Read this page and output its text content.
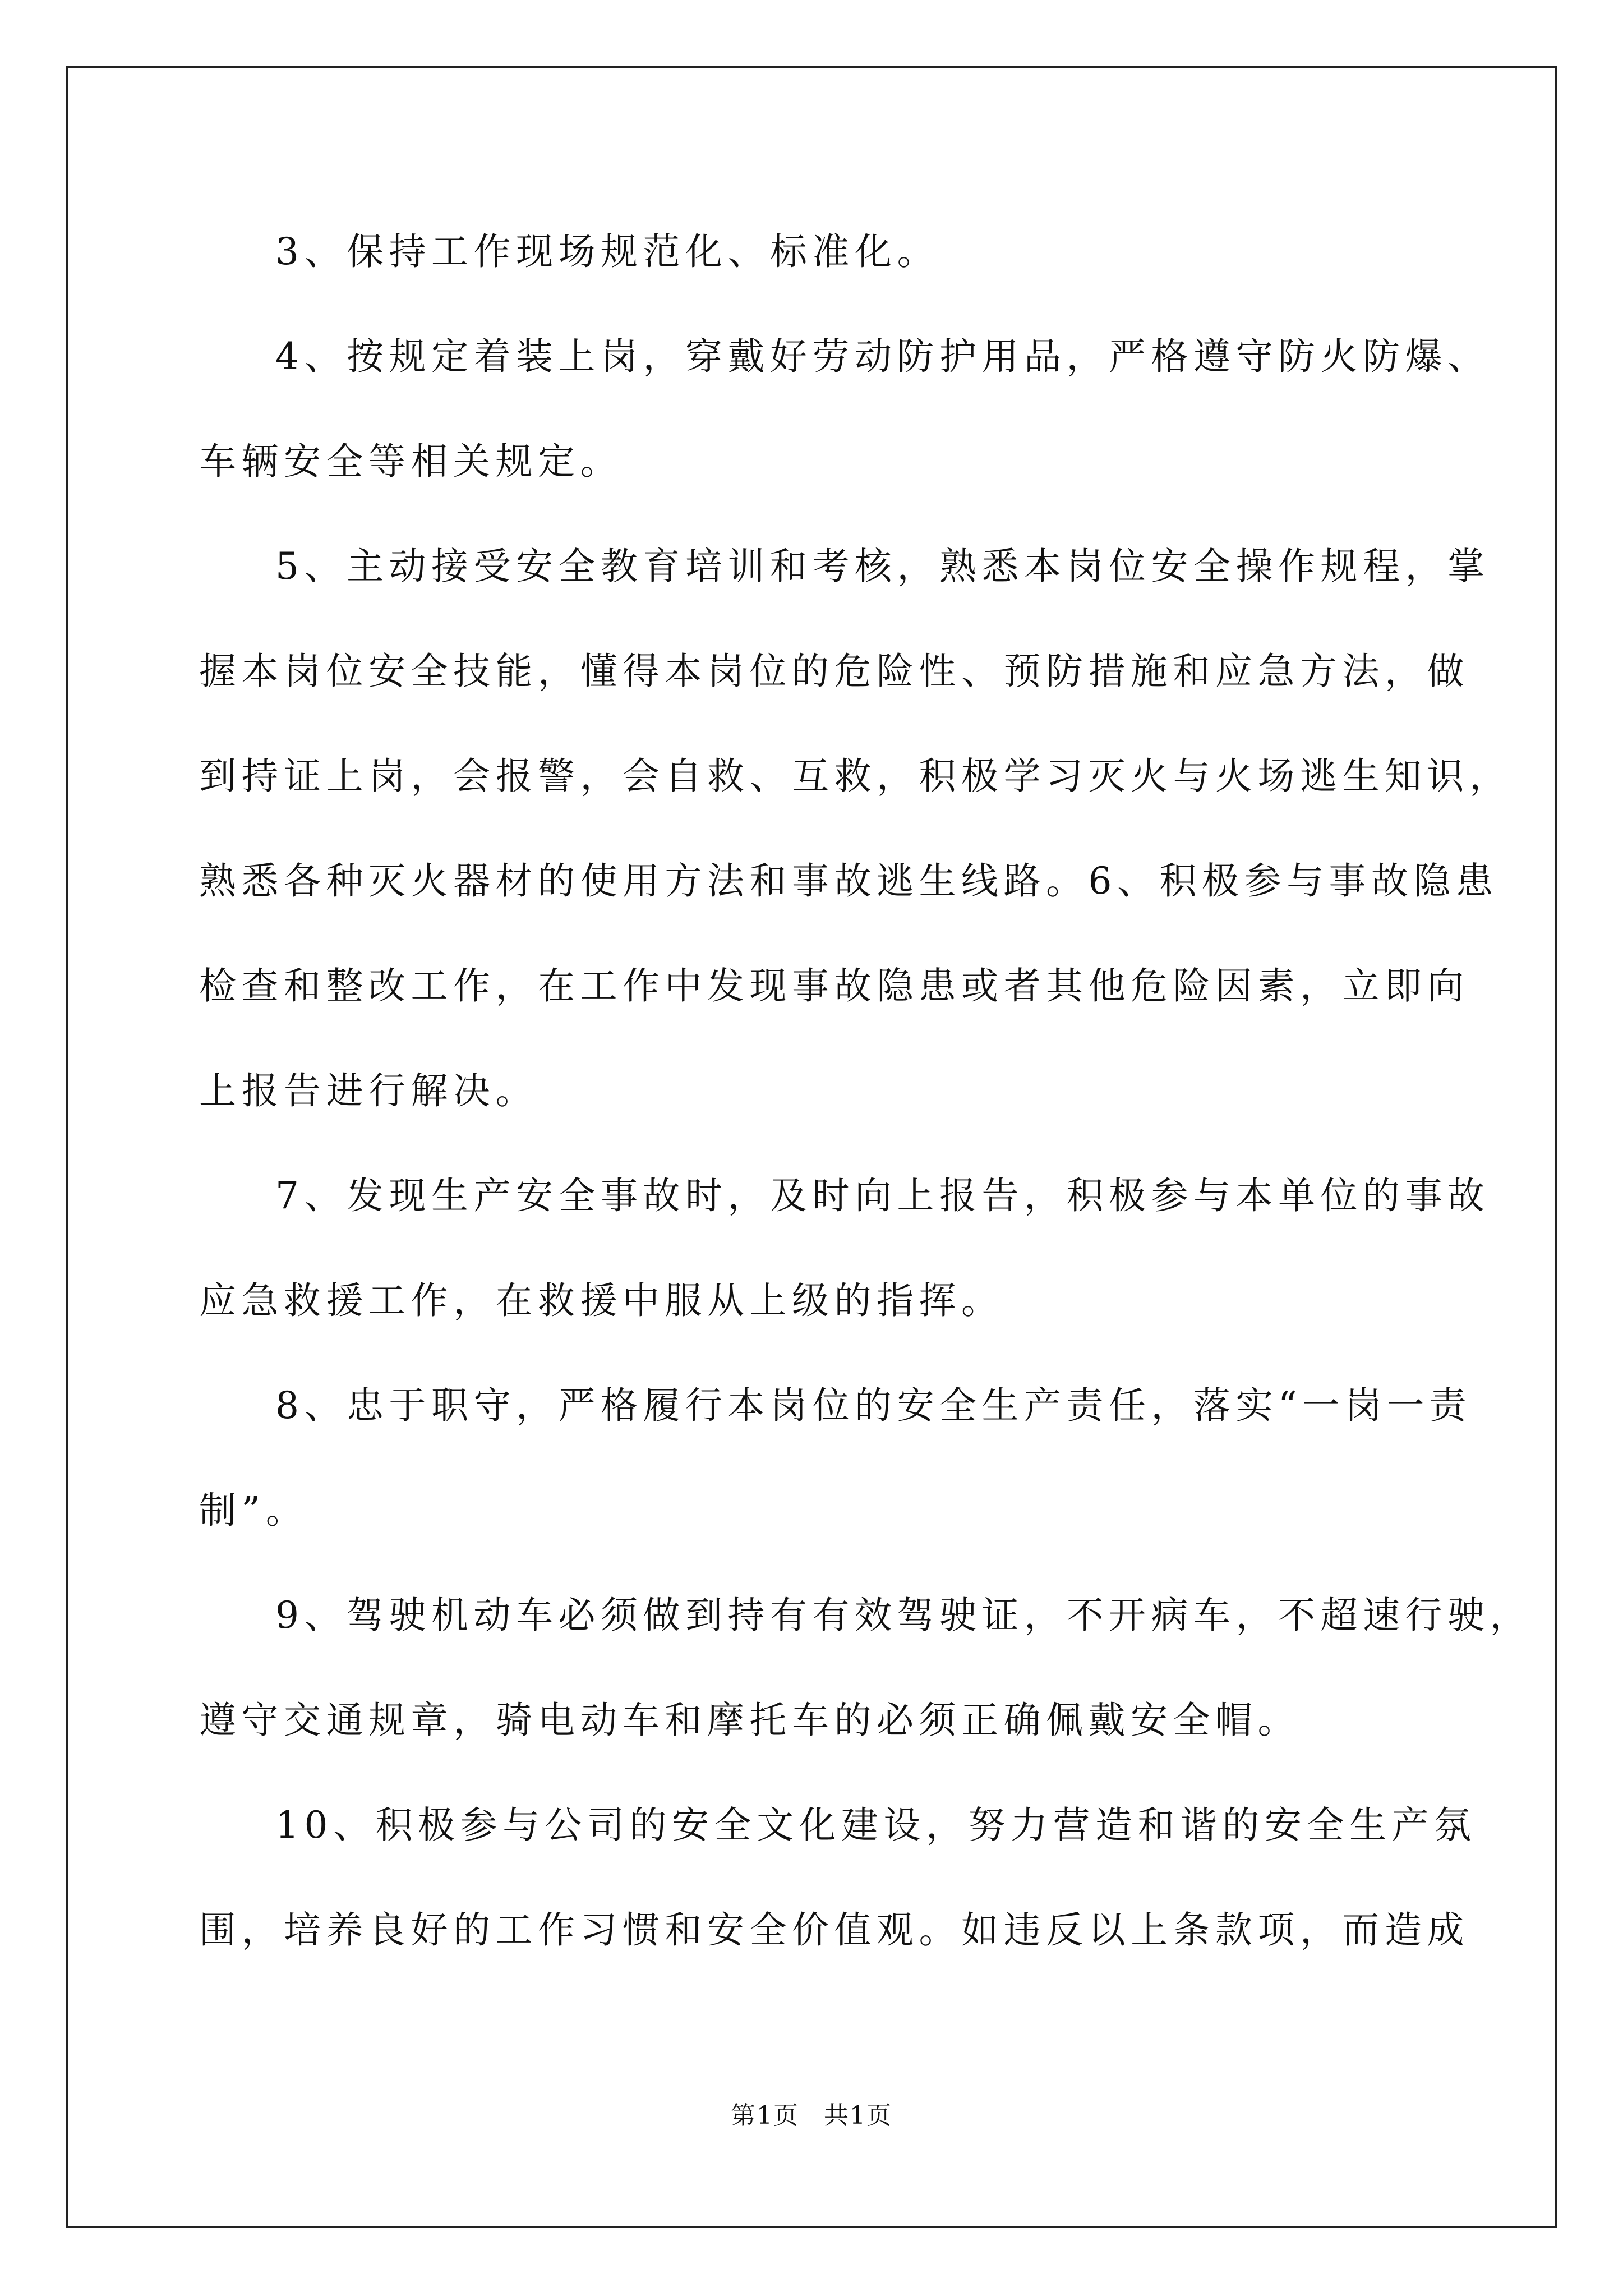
3、保持工作现场规范化、标准化。
4、按规定着装上岗，穿戴好劳动防护用品，严格遵守防火防爆、
车辆安全等相关规定。
5、主动接受安全教育培训和考核，熟悉本岗位安全操作规程，掌
握本岗位安全技能，懂得本岗位的危险性、预防措施和应急方法，做
到持证上岗，会报警，会自救、互救，积极学习灭火与火场逃生知识，
熟悉各种灭火器材的使用方法和事故逃生线路。6、积极参与事故隐患
检查和整改工作，在工作中发现事故隐患或者其他危险因素，立即向
上报告进行解决。
7、发现生产安全事故时，及时向上报告，积极参与本单位的事故
应急救援工作，在救援中服从上级的指挥。
8、忠于职守，严格履行本岗位的安全生产责任，落实“一岗一责
制”。
9、驾驶机动车必须做到持有有效驾驶证，不开病车，不超速行驶，
遵守交通规章，骑电动车和摩托车的必须正确佩戴安全帽。
10、积极参与公司的安全文化建设，努力营造和谐的安全生产氛
围，培养良好的工作习惯和安全价值观。如违反以上条款项，而造成
第1页 共1页
